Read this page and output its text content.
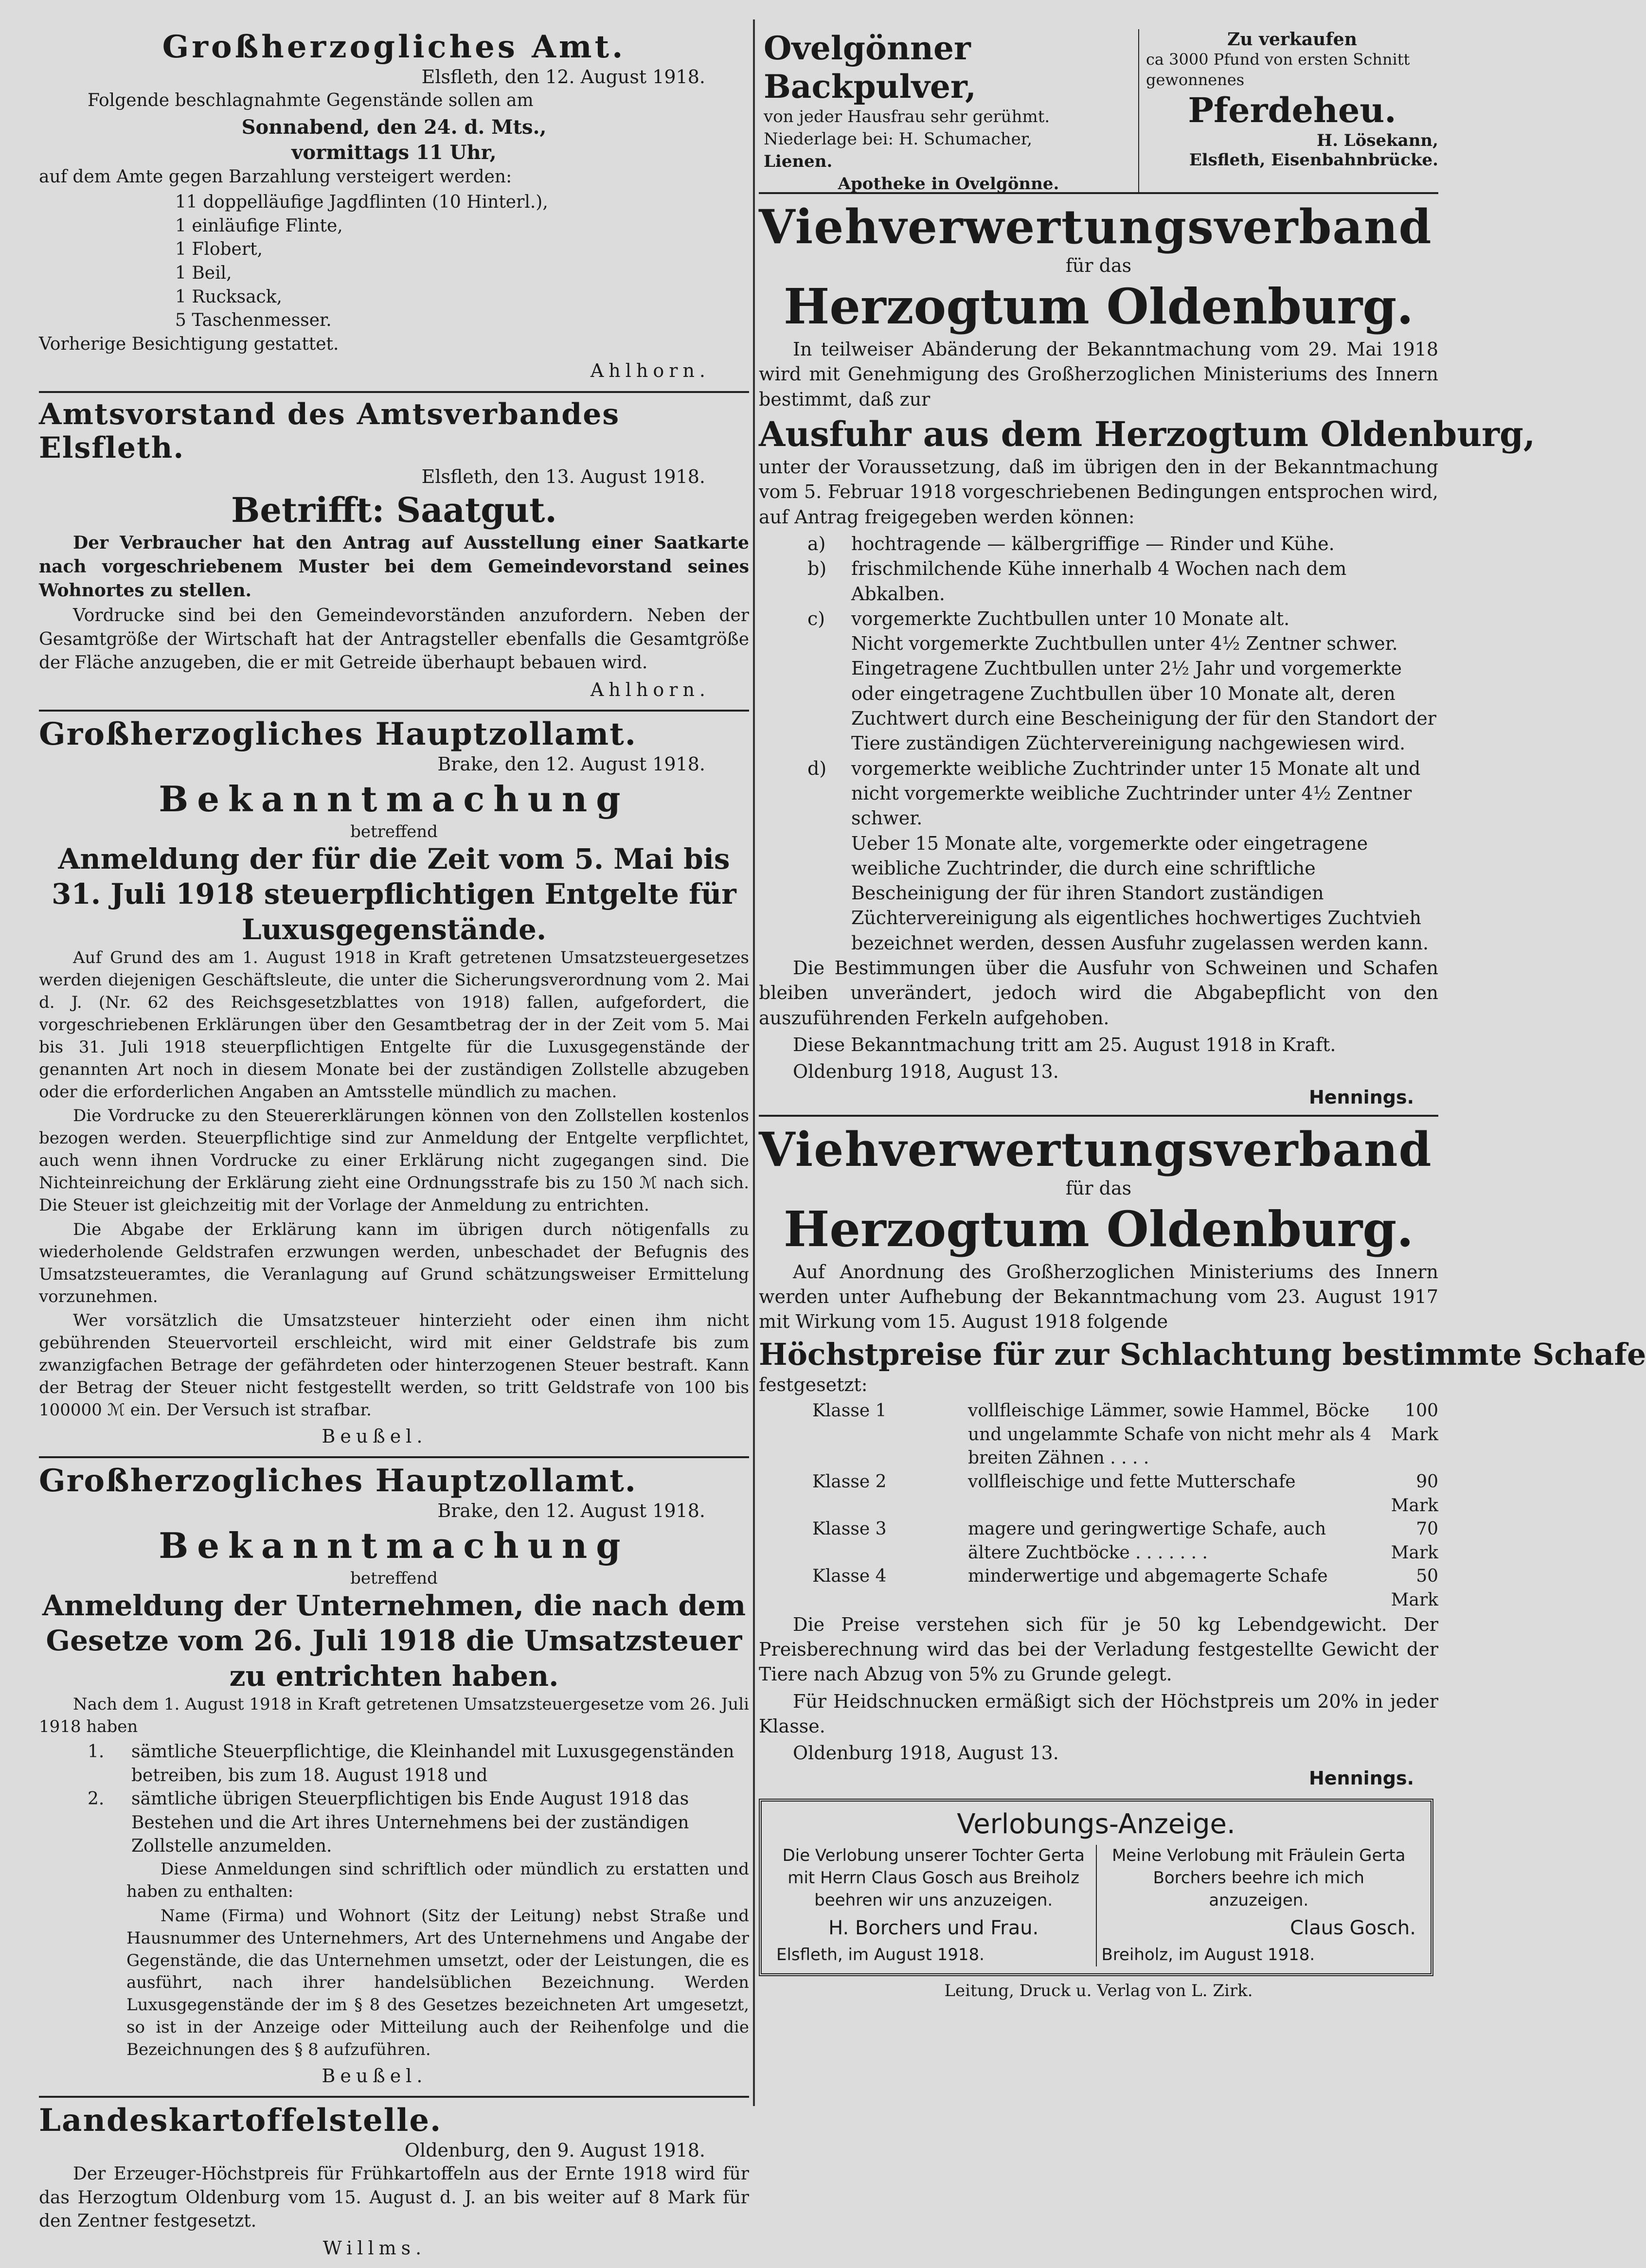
Großherzogliches Amt.
Elsfleth, den 12. August 1918.

Folgende beschlagnahmte Gegenstände sollen am

Sonnabend, den 24. d. Mts.,
vormittags 11 Uhr,

auf dem Amte gegen Barzahlung versteigert werden:

11 doppelläufige Jagdflinten (10 Hinterl.),
1 einläufige Flinte,
1 Flobert,
1 Beil,
1 Rucksack,
5 Taschenmesser.

Vorherige Besichtigung gestattet.

Ahlhorn.
Amtsvorstand des Amtsverbandes Elsfleth.
Elsfleth, den 13. August 1918.
Betrifft: Saatgut.

Der Verbraucher hat den Antrag auf Ausstellung einer Saatkarte nach vorgeschriebenem Muster bei dem Gemeindevorstand seines Wohnortes zu stellen.

Vordrucke sind bei den Gemeindevorständen anzufordern. Neben der Gesamtgröße der Wirtschaft hat der Antragsteller ebenfalls die Gesamtgröße der Fläche anzugeben, die er mit Getreide überhaupt bebauen wird.

Ahlhorn.
Großherzogliches Hauptzollamt.
Brake, den 12. August 1918.
Bekanntmachung
betreffend
Anmeldung der für die Zeit vom 5. Mai bis 31. Juli 1918 steuerpflichtigen Entgelte für Luxusgegenstände.

Auf Grund des am 1. August 1918 in Kraft getretenen Umsatzsteuergesetzes werden diejenigen Geschäftsleute, die unter die Sicherungsverordnung vom 2. Mai d. J. (Nr. 62 des Reichsgesetzblattes von 1918) fallen, aufgefordert, die vorgeschriebenen Erklärungen über den Gesamtbetrag der in der Zeit vom 5. Mai bis 31. Juli 1918 steuerpflichtigen Entgelte für die Luxusgegenstände der genannten Art noch in diesem Monate bei der zuständigen Zollstelle abzugeben oder die erforderlichen Angaben an Amtsstelle mündlich zu machen.

Die Vordrucke zu den Steuererklärungen können von den Zollstellen kostenlos bezogen werden. Steuerpflichtige sind zur Anmeldung der Entgelte verpflichtet, auch wenn ihnen Vordrucke zu einer Erklärung nicht zugegangen sind. Die Nichteinreichung der Erklärung zieht eine Ordnungsstrafe bis zu 150 ℳ nach sich. Die Steuer ist gleichzeitig mit der Vorlage der Anmeldung zu entrichten.

Die Abgabe der Erklärung kann im übrigen durch nötigenfalls zu wiederholende Geldstrafen erzwungen werden, unbeschadet der Befugnis des Umsatzsteueramtes, die Veranlagung auf Grund schätzungsweiser Ermittelung vorzunehmen.

Wer vorsätzlich die Umsatzsteuer hinterzieht oder einen ihm nicht gebührenden Steuervorteil erschleicht, wird mit einer Geldstrafe bis zum zwanzigfachen Betrage der gefährdeten oder hinterzogenen Steuer bestraft. Kann der Betrag der Steuer nicht festgestellt werden, so tritt Geldstrafe von 100 bis 100000 ℳ ein. Der Versuch ist strafbar.

Beußel.
Großherzogliches Hauptzollamt.
Brake, den 12. August 1918.
Bekanntmachung
betreffend
Anmeldung der Unternehmen, die nach dem Gesetze vom 26. Juli 1918 die Umsatzsteuer zu entrichten haben.

Nach dem 1. August 1918 in Kraft getretenen Umsatzsteuergesetze vom 26. Juli 1918 haben

1.	sämtliche Steuerpflichtige, die Kleinhandel mit Luxusgegenständen betreiben, bis zum 18. August 1918 und
2.	sämtliche übrigen Steuerpflichtigen bis Ende August 1918 das Bestehen und die Art ihres Unternehmens bei der zuständigen Zollstelle anzumelden.

Diese Anmeldungen sind schriftlich oder mündlich zu erstatten und haben zu enthalten:

Name (Firma) und Wohnort (Sitz der Leitung) nebst Straße und Hausnummer des Unternehmers, Art des Unternehmens und Angabe der Gegenstände, die das Unternehmen umsetzt, oder der Leistungen, die es ausführt, nach ihrer handelsüblichen Bezeichnung. Werden Luxusgegenstände der im § 8 des Gesetzes bezeichneten Art umgesetzt, so ist in der Anzeige oder Mitteilung auch der Reihenfolge und die Bezeichnungen des § 8 aufzuführen.

Beußel.
Landeskartoffelstelle.
Oldenburg, den 9. August 1918.

Der Erzeuger-Höchstpreis für Frühkartoffeln aus der Ernte 1918 wird für das Herzogtum Oldenburg vom 15. August d. J. an bis weiter auf 8 Mark für den Zentner festgesetzt.

Willms.
Ovelgönner Backpulver,
von jeder Hausfrau sehr gerühmt.
Niederlage bei: H. Schumacher,
Lienen.
Apotheke in Ovelgönne.
Zu verkaufen
ca 3000 Pfund von ersten Schnitt gewonnenes
Pferdeheu.
H. Lösekann,
Elsfleth, Eisenbahnbrücke.
Viehverwertungsverband
für das
Herzogtum Oldenburg.

In teilweiser Abänderung der Bekanntmachung vom 29. Mai 1918 wird mit Genehmigung des Großherzoglichen Ministeriums des Innern bestimmt, daß zur

Ausfuhr aus dem Herzogtum Oldenburg,

unter der Voraussetzung, daß im übrigen den in der Bekanntmachung vom 5. Februar 1918 vorgeschriebenen Bedingungen entsprochen wird, auf Antrag freigegeben werden können:

a)	hochtragende — kälbergriffige — Rinder und Kühe.
b)	frischmilchende Kühe innerhalb 4 Wochen nach dem Abkalben.
c)	vorgemerkte Zuchtbullen unter 10 Monate alt.
Nicht vorgemerkte Zuchtbullen unter 4½ Zentner schwer. Eingetragene Zuchtbullen unter 2½ Jahr und vorgemerkte oder eingetragene Zuchtbullen über 10 Monate alt, deren Zuchtwert durch eine Bescheinigung der für den Standort der Tiere zuständigen Züchtervereinigung nachgewiesen wird.
d)	vorgemerkte weibliche Zuchtrinder unter 15 Monate alt und nicht vorgemerkte weibliche Zuchtrinder unter 4½ Zentner schwer.
Ueber 15 Monate alte, vorgemerkte oder eingetragene weibliche Zuchtrinder, die durch eine schriftliche Bescheinigung der für ihren Standort zuständigen Züchtervereinigung als eigentliches hochwertiges Zuchtvieh bezeichnet werden, dessen Ausfuhr zugelassen werden kann.

Die Bestimmungen über die Ausfuhr von Schweinen und Schafen bleiben unverändert, jedoch wird die Abgabepflicht von den auszuführenden Ferkeln aufgehoben.

Diese Bekanntmachung tritt am 25. August 1918 in Kraft.

Oldenburg 1918, August 13.

Hennings.
Viehverwertungsverband
für das
Herzogtum Oldenburg.

Auf Anordnung des Großherzoglichen Ministeriums des Innern werden unter Aufhebung der Bekanntmachung vom 23. August 1917 mit Wirkung vom 15. August 1918 folgende

Höchstpreise für zur Schlachtung bestimmte Schafe

festgesetzt:

Klasse 1	vollfleischige Lämmer, sowie Hammel, Böcke und ungelammte Schafe von nicht mehr als 4 breiten Zähnen . . . .
100 Mark
Klasse 2	vollfleischige und fette Mutterschafe	90 Mark
Klasse 3	magere und geringwertige Schafe, auch ältere Zuchtböcke . . . . . . .
70 Mark
Klasse 4	minderwertige und abgemagerte Schafe	50 Mark

Die Preise verstehen sich für je 50 kg Lebendgewicht. Der Preisberechnung wird das bei der Verladung festgestellte Gewicht der Tiere nach Abzug von 5% zu Grunde gelegt.

Für Heidschnucken ermäßigt sich der Höchstpreis um 20% in jeder Klasse.

Oldenburg 1918, August 13.

Hennings.
Verlobungs-Anzeige.
Die Verlobung unserer Tochter Gerta mit Herrn Claus Gosch aus Breiholz beehren wir uns anzuzeigen.
H. Borchers und Frau.
Elsfleth, im August 1918.
Meine Verlobung mit Fräulein Gerta Borchers beehre ich mich anzuzeigen.
Claus Gosch.
Breiholz, im August 1918.
Leitung, Druck u. Verlag von L. Zirk.
